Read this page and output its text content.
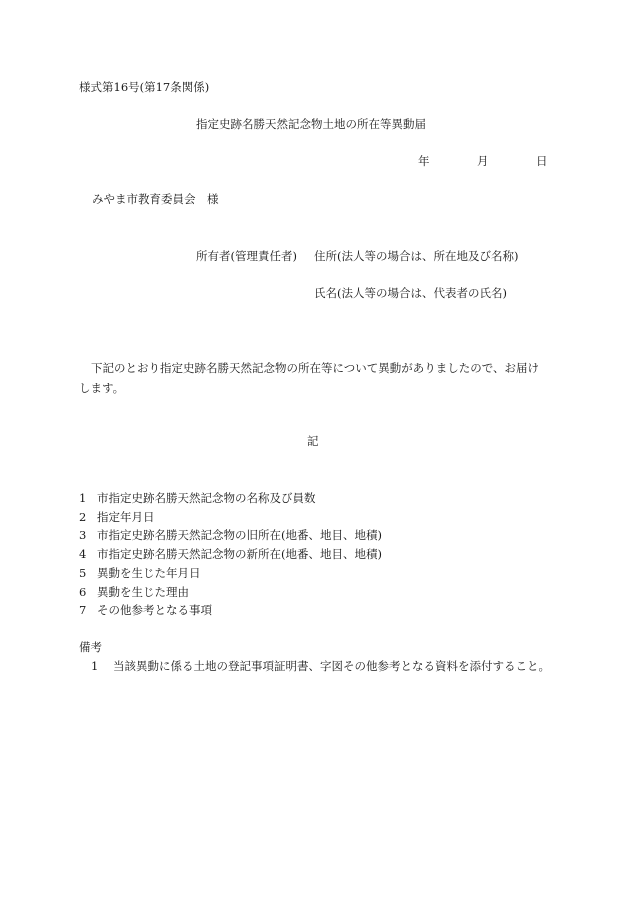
様式第16号(第17条関係)
指定史跡名勝天然記念物土地の所在等異動届
年	月	日
みやま市教育委員会　様
所有者(管理責任者) 住所(法人等の場合は、所在地及び名称)
氏名(法人等の場合は、代表者の氏名)
下記のとおり指定史跡名勝天然記念物の所在等について異動がありましたので、お届けします。
記
1 市指定史跡名勝天然記念物の名称及び員数
2 指定年月日
3 市指定史跡名勝天然記念物の旧所在(地番、地目、地積)
4 市指定史跡名勝天然記念物の新所在(地番、地目、地積)
5 異動を生じた年月日
6 異動を生じた理由
7 その他参考となる事項
備考
1 当該異動に係る土地の登記事項証明書、字図その他参考となる資料を添付すること。
